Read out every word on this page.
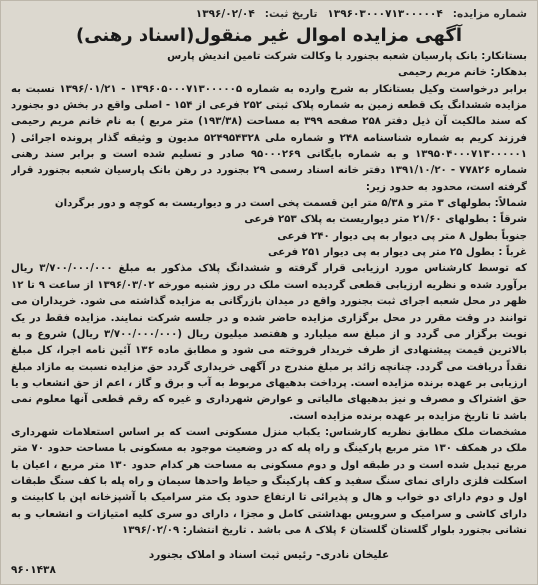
شماره مزایده:
۱۳۹۶۰۳۰۰۰۷۱۳۰۰۰۰۰۴
تاریخ ثبت:
۱۳۹۶/۰۲/۰۴
آگهی مزایده اموال غیر منقول(اسناد رهنی)

بستانکار: بانک پارسیان شعبه بجنورد با وکالت شرکت تامین اندیش پارس

بدهکار: خانم مریم رحیمی

برابر درخواست وکیل بستانکار به شرح وارده به شماره ۱۳۹۶۰۵۰۰۰۷۱۳۰۰۰۰۰۵ - ۱۳۹۶/۰۱/۲۱ نسبت به مزایده ششدانگ یک قطعه زمین به شماره پلاک ثبتی ۲۵۲ فرعی از ۱۵۴ - اصلی واقع در بخش دو بجنورد که سند مالکیت آن ذیل دفتر ۲۵۸ صفحه ۳۹۹ به مساحت (۱۹۳/۳۸) متر مربع ) به نام خانم مریم رحیمی فرزند کریم به شماره شناسنامه ۲۴۸ و شماره ملی ۵۲۴۹۵۴۳۲۸ مدیون و وثیقه گذار پرونده اجرائی ( ۱۳۹۵۰۴۰۰۰۷۱۳۰۰۰۰۰۱ و به شماره بایگانی ۹۵۰۰۰۲۶۹ صادر و تسلیم شده است و برابر سند رهنی شماره ۷۷۸۲۶ - ۱۳۹۱/۱۰/۲۰ دفتر خانه اسناد رسمی ۲۹ بجنورد در رهن بانک پارسیان شعبه بجنورد قرار گرفته است، محدود به حدود زیر:

شمالاً: بطولهای ۳ متر و ۵/۳۸ متر این قسمت پخی است در و دیواریست به کوچه و دور برگردان

شرقاً : بطولهای ۲۱/۶۰ متر دیواریست به پلاک ۲۵۳ فرعی

جنوباً بطول ۸ متر پی دیوار به پی دیوار ۲۴۰ فرعی

غرباً : بطول ۲۵ متر پی دیوار به پی دیوار ۲۵۱ فرعی

که توسط کارشناس مورد ارزیابی قرار گرفته و ششدانگ پلاک مذکور به مبلغ ۳/۷۰۰/۰۰۰/۰۰۰ ریال برآورد شده و نظریه ارزیابی قطعی گردیده است ملک در روز شنبه مورخه ۱۳۹۶/۰۳/۰۲ از ساعت ۹ تا ۱۲ ظهر در محل شعبه اجرای ثبت بجنورد واقع در میدان بازرگانی به مزایده گذاشته می شود. خریداران می توانند در وقت مقرر در محل برگزاری مزایده حاضر شده و در جلسه شرکت نمایند. مزایده فقط در یک نوبت برگزار می گردد و از مبلغ سه میلیارد و هفتصد میلیون ریال (۳/۷۰۰/۰۰۰/۰۰۰ ریال) شروع و به بالاترین قیمت پیشنهادی از طرف خریدار فروخته می شود و مطابق ماده ۱۳۶ آئین نامه اجرا، کل مبلغ نقداً دریافت می گردد. چنانچه زائد بر مبلغ مندرج در آگهی خریداری گردد حق مزایده نسبت به مازاد مبلغ ارزیابی بر عهده برنده مزایده است. پرداخت بدهیهای مربوط به آب و برق و گاز ، اعم از حق انشعاب و یا حق اشتراک و مصرف و نیز بدهیهای مالیاتی و عوارض شهرداری و غیره که رقم قطعی آنها معلوم نمی باشد تا تاریخ مزایده بر عهده برنده مزایده است.

مشخصات ملک مطابق نظریه کارشناس: یکباب منزل مسکونی است که بر اساس استعلامات شهرداری ملک در همکف ۱۳۰ متر مربع پارکینگ و راه پله که در وضعیت موجود به مسکونی با مساحت حدود ۷۰ متر مربع تبدیل شده است و در طبقه اول و دوم مسکونی به مساحت هر کدام حدود ۱۳۰ متر مربع ، اعیان با اسکلت فلزی دارای نمای سنگ سفید و کف پارکینگ و حیاط واحدها سیمان و راه پله با کف سنگ طبقات اول و دوم دارای دو خواب و هال و پذیرائی تا ارتفاع حدود یک متر سرامیک با آشپزخانه اپن با کابینت و دارای کاشی و سرامیک و سرویس بهداشتی کامل و مجزا ، دارای دو سری کلیه امتیازات و انشعاب و به نشانی بجنورد بلوار گلستان گلستان ۶ پلاک ۸ می باشد . تاریخ انتشار: ۱۳۹۶/۰۲/۰۹

علیخان نادری- رئیس ثبت اسناد و املاک بجنورد
۹۶۰۱۴۳۸
